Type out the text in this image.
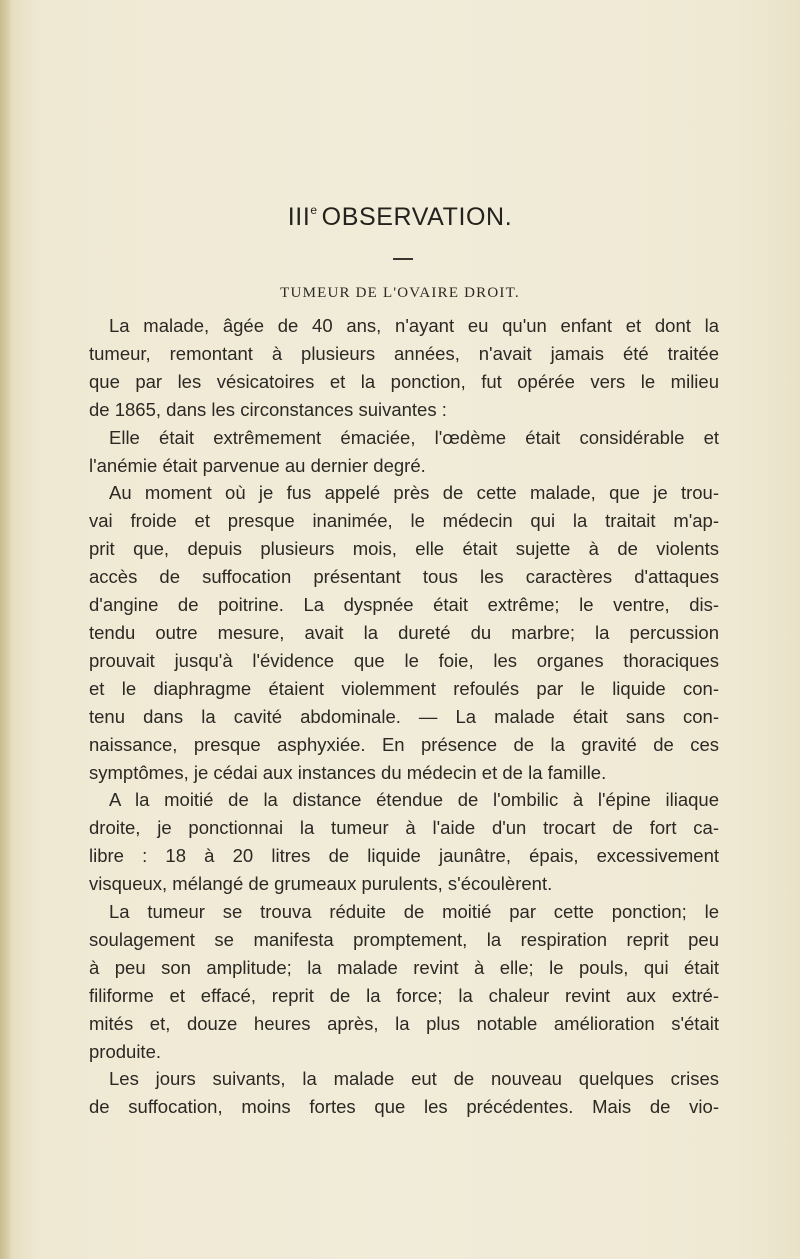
IIIe OBSERVATION.
TUMEUR DE L'OVAIRE DROIT.
La malade, âgée de 40 ans, n'ayant eu qu'un enfant et dont la
tumeur, remontant à plusieurs années, n'avait jamais été traitée
que par les vésicatoires et la ponction, fut opérée vers le milieu
de 1865, dans les circonstances suivantes :
Elle était extrêmement émaciée, l'œdème était considérable et
l'anémie était parvenue au dernier degré.
Au moment où je fus appelé près de cette malade, que je trou-
vai froide et presque inanimée, le médecin qui la traitait m'ap-
prit que, depuis plusieurs mois, elle était sujette à de violents
accès de suffocation présentant tous les caractères d'attaques
d'angine de poitrine. La dyspnée était extrême; le ventre, dis-
tendu outre mesure, avait la dureté du marbre; la percussion
prouvait jusqu'à l'évidence que le foie, les organes thoraciques
et le diaphragme étaient violemment refoulés par le liquide con-
tenu dans la cavité abdominale. — La malade était sans con-
naissance, presque asphyxiée. En présence de la gravité de ces
symptômes, je cédai aux instances du médecin et de la famille.
A la moitié de la distance étendue de l'ombilic à l'épine iliaque
droite, je ponctionnai la tumeur à l'aide d'un trocart de fort ca-
libre : 18 à 20 litres de liquide jaunâtre, épais, excessivement
visqueux, mélangé de grumeaux purulents, s'écoulèrent.
La tumeur se trouva réduite de moitié par cette ponction; le
soulagement se manifesta promptement, la respiration reprit peu
à peu son amplitude; la malade revint à elle; le pouls, qui était
filiforme et effacé, reprit de la force; la chaleur revint aux extré-
mités et, douze heures après, la plus notable amélioration s'était
produite.
Les jours suivants, la malade eut de nouveau quelques crises
de suffocation, moins fortes que les précédentes. Mais de vio-
